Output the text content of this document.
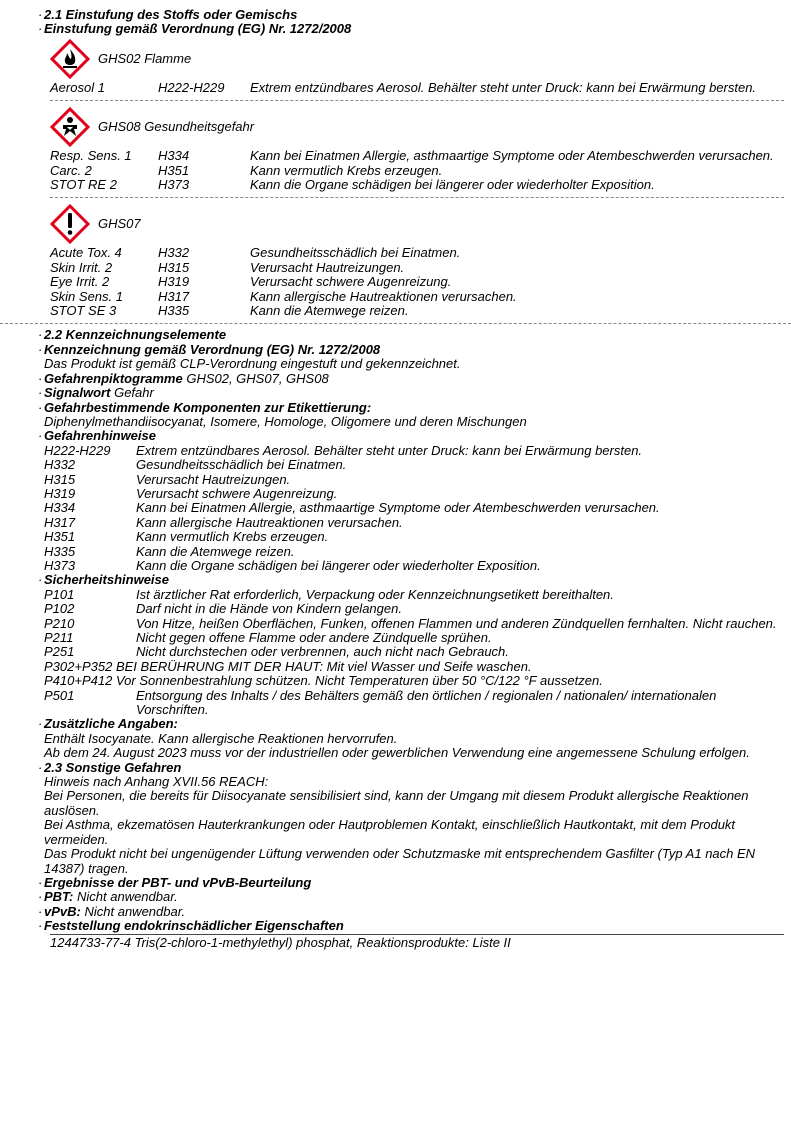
· 2.1 Einstufung des Stoffs oder Gemischs
· Einstufung gemäß Verordnung (EG) Nr. 1272/2008
GHS02 Flamme
Aerosol 1	H222-H229	Extrem entzündbares Aerosol. Behälter steht unter Druck: kann bei Erwärmung bersten.
GHS08 Gesundheitsgefahr
Resp. Sens. 1	H334	Kann bei Einatmen Allergie, asthmaartige Symptome oder Atembeschwerden verursachen.
Carc. 2	H351	Kann vermutlich Krebs erzeugen.
STOT RE 2	H373	Kann die Organe schädigen bei längerer oder wiederholter Exposition.
GHS07
Acute Tox. 4	H332	Gesundheitsschädlich bei Einatmen.
Skin Irrit. 2	H315	Verursacht Hautreizungen.
Eye Irrit. 2	H319	Verursacht schwere Augenreizung.
Skin Sens. 1	H317	Kann allergische Hautreaktionen verursachen.
STOT SE 3	H335	Kann die Atemwege reizen.
· 2.2 Kennzeichnungselemente
· Kennzeichnung gemäß Verordnung (EG) Nr. 1272/2008
Das Produkt ist gemäß CLP-Verordnung eingestuft und gekennzeichnet.
· Gefahrenpiktogramme GHS02, GHS07, GHS08
· Signalwort Gefahr
· Gefahrbestimmende Komponenten zur Etikettierung:
Diphenylmethandiisocyanat, Isomere, Homologe, Oligomere und deren Mischungen
· Gefahrenhinweise
H222-H229	Extrem entzündbares Aerosol. Behälter steht unter Druck: kann bei Erwärmung bersten.
H332	Gesundheitsschädlich bei Einatmen.
H315	Verursacht Hautreizungen.
H319	Verursacht schwere Augenreizung.
H334	Kann bei Einatmen Allergie, asthmaartige Symptome oder Atembeschwerden verursachen.
H317	Kann allergische Hautreaktionen verursachen.
H351	Kann vermutlich Krebs erzeugen.
H335	Kann die Atemwege reizen.
H373	Kann die Organe schädigen bei längerer oder wiederholter Exposition.
· Sicherheitshinweise
P101	Ist ärztlicher Rat erforderlich, Verpackung oder Kennzeichnungsetikett bereithalten.
P102	Darf nicht in die Hände von Kindern gelangen.
P210	Von Hitze, heißen Oberflächen, Funken, offenen Flammen und anderen Zündquellen fernhalten. Nicht rauchen.
P211	Nicht gegen offene Flamme oder andere Zündquelle sprühen.
P251	Nicht durchstechen oder verbrennen, auch nicht nach Gebrauch.
P302+P352 BEI BERÜHRUNG MIT DER HAUT: Mit viel Wasser und Seife waschen.
P410+P412 Vor Sonnenbestrahlung schützen. Nicht Temperaturen über 50 °C/122 °F aussetzen.
P501	Entsorgung des Inhalts / des Behälters gemäß den örtlichen / regionalen / nationalen/ internationalen Vorschriften.
· Zusätzliche Angaben:
Enthält Isocyanate. Kann allergische Reaktionen hervorrufen.
Ab dem 24. August 2023 muss vor der industriellen oder gewerblichen Verwendung eine angemessene Schulung erfolgen.
· 2.3 Sonstige Gefahren
Hinweis nach Anhang XVII.56 REACH:
Bei Personen, die bereits für Diisocyanate sensibilisiert sind, kann der Umgang mit diesem Produkt allergische Reaktionen auslösen.
Bei Asthma, ekzematösen Hauterkrankungen oder Hautproblemen Kontakt, einschließlich Hautkontakt, mit dem Produkt vermeiden.
Das Produkt nicht bei ungenügender Lüftung verwenden oder Schutzmaske mit entsprechendem Gasfilter (Typ A1 nach EN 14387) tragen.
· Ergebnisse der PBT- und vPvB-Beurteilung
· PBT: Nicht anwendbar.
· vPvB: Nicht anwendbar.
· Feststellung endokrinschädlicher Eigenschaften
1244733-77-4 Tris(2-chloro-1-methylethyl) phosphat, Reaktionsprodukte: Liste II
